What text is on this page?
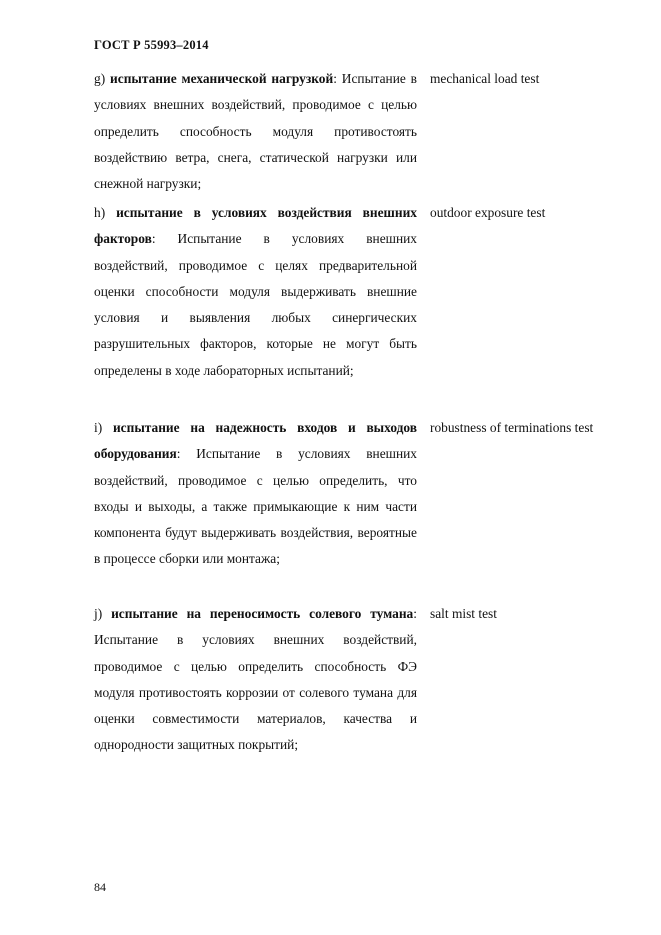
ГОСТ Р 55993–2014
g) испытание механической нагрузкой: Испытание в условиях внешних воздействий, проводимое с целью определить способность модуля противостоять воздействию ветра, снега, статической нагрузки или снежной нагрузки;
mechanical load test
h) испытание в условиях воздействия внешних факторов: Испытание в условиях внешних воздействий, проводимое с целях предварительной оценки способности модуля выдерживать внешние условия и выявления любых синергических разрушительных факторов, которые не могут быть определены в ходе лабораторных испытаний;
outdoor exposure test
i) испытание на надежность входов и выходов оборудования: Испытание в условиях внешних воздействий, проводимое с целью определить, что входы и выходы, а также примыкающие к ним части компонента будут выдерживать воздействия, вероятные в процессе сборки или монтажа;
robustness of terminations test
j) испытание на переносимость солевого тумана: Испытание в условиях внешних воздействий, проводимое с целью определить способность ФЭ модуля противостоять коррозии от солевого тумана для оценки совместимости материалов, качества и однородности защитных покрытий;
salt mist test
84
